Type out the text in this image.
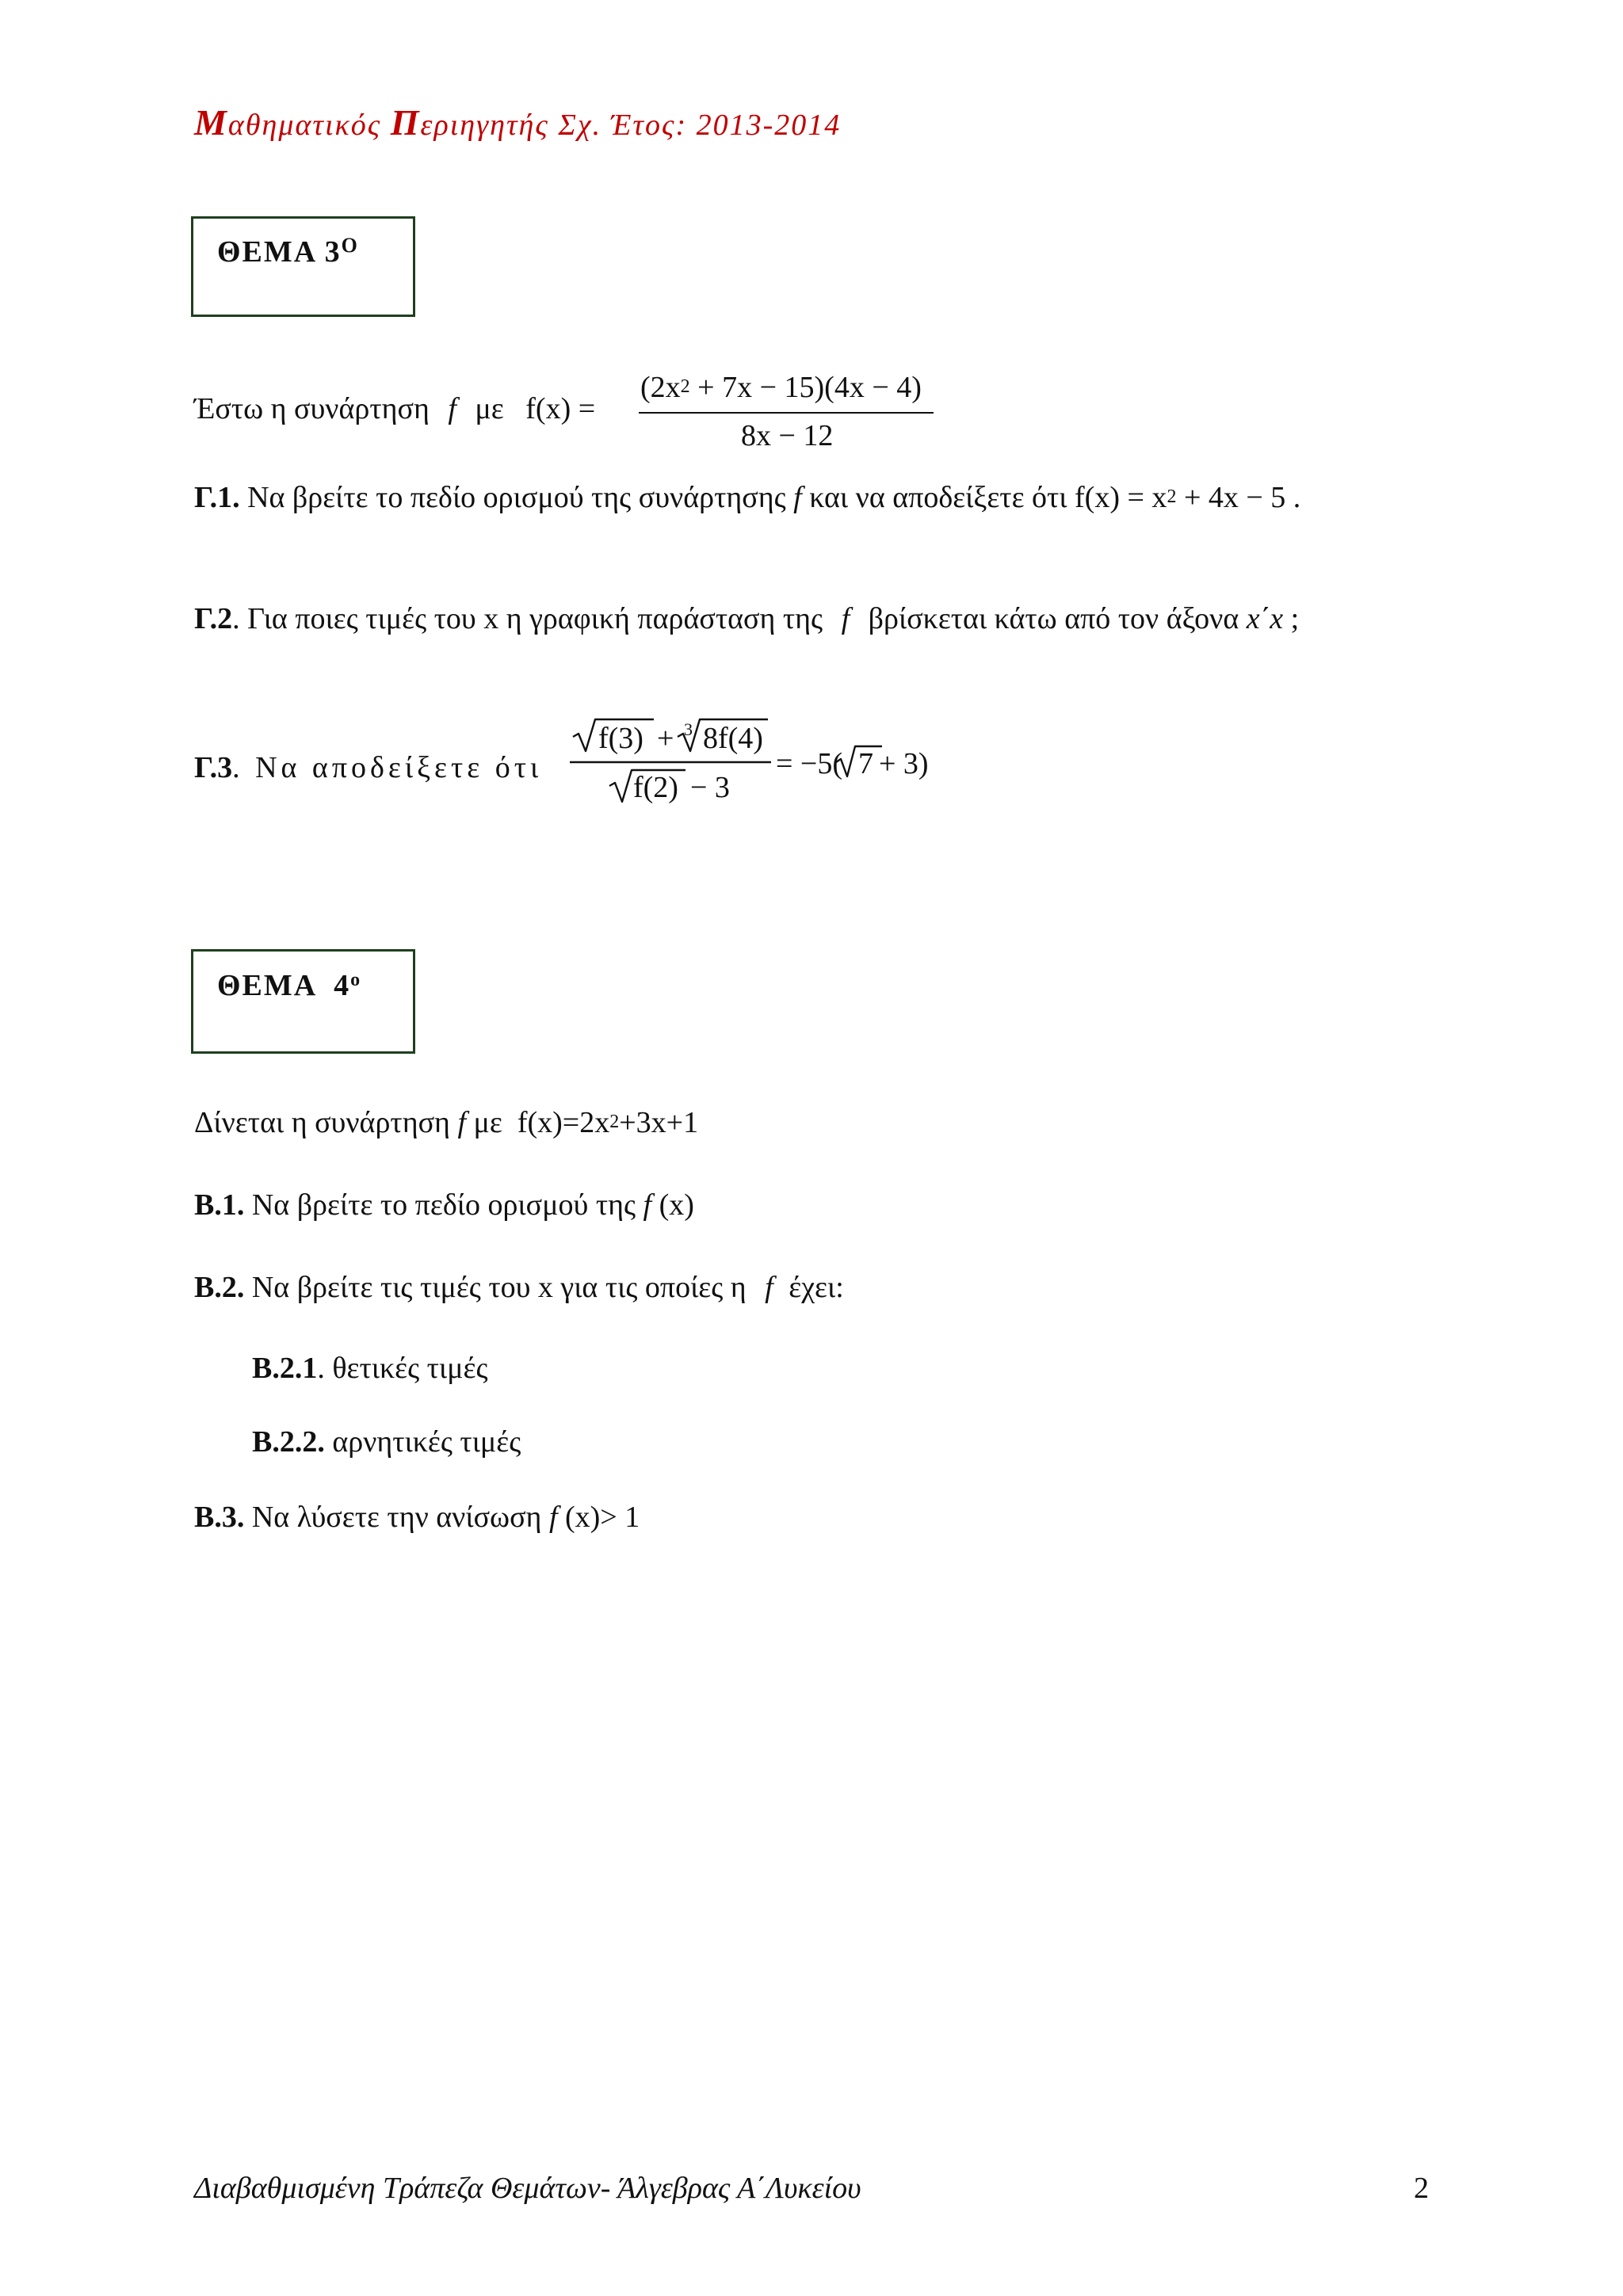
Μαθηματικός Περιηγητής Σχ. Έτος: 2013-2014
ΘΕΜΑ $3^O$
Έστω η συνάρτηση f με f(x) =
$(2x^2 + 7x - 15)(4x - 4)$
8x − 12
Γ.1. Να βρείτε το πεδίο ορισμού της συνάρτησης f και να αποδείξετε ότι $f(x) = x^2 + 4x - 5$ .
Γ.2. Για ποιες τιμές του x η γραφική παράσταση της f βρίσκεται κάτω από τον άξονα x΄x ;
Γ.3. Να αποδείξετε ότι
f(3) + 3 8f(4)
f(2) − 3
= −5( 7 + 3)
ΘΕΜΑ  $4^o$
Δίνεται η συνάρτηση f με  $f(x)=2x^2+3x+1$
Β.1. Να βρείτε το πεδίο ορισμού της f (x)
Β.2. Να βρείτε τις τιμές του x για τις οποίες η f έχει:
Β.2.1. θετικές τιμές
Β.2.2. αρνητικές τιμές
Β.3. Να λύσετε την ανίσωση f (x)> 1
Διαβαθμισμένη Τράπεζα Θεμάτων- Άλγεβρας Α΄Λυκείου	2
